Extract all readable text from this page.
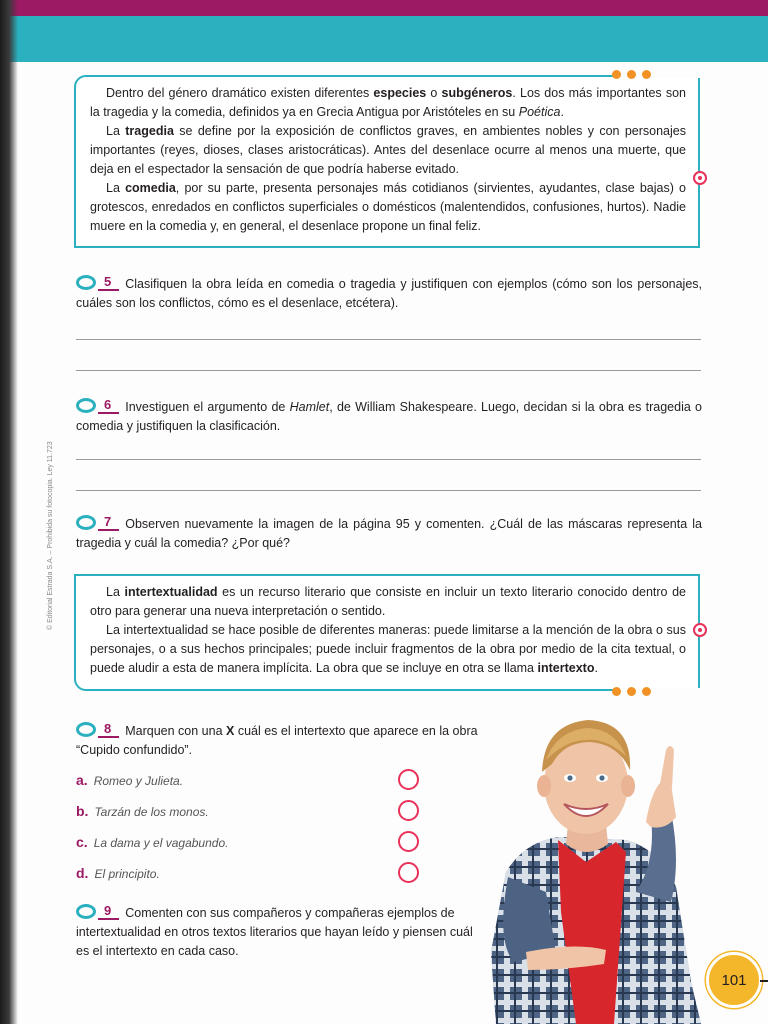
Dentro del género dramático existen diferentes especies o subgéneros. Los dos más importantes son la tragedia y la comedia, definidos ya en Grecia Antigua por Aristóteles en su Poética.

La tragedia se define por la exposición de conflictos graves, en ambientes nobles y con personajes importantes (reyes, dioses, clases aristocráticas). Antes del desenlace ocurre al menos una muerte, que deja en el espectador la sensación de que podría haberse evitado.

La comedia, por su parte, presenta personajes más cotidianos (sirvientes, ayudantes, clase bajas) o grotescos, enredados en conflictos superficiales o domésticos (malentendidos, confusiones, hurtos). Nadie muere en la comedia y, en general, el desenlace propone un final feliz.

5	Clasifiquen la obra leída en comedia o tragedia y justifiquen con ejemplos (cómo son los personajes, cuáles son los conflictos, cómo es el desenlace, etcétera).
6	Investiguen el argumento de Hamlet, de William Shakespeare. Luego, decidan si la obra es tragedia o comedia y justifiquen la clasificación.
7	Observen nuevamente la imagen de la página 95 y comenten. ¿Cuál de las máscaras representa la tragedia y cuál la comedia? ¿Por qué?

La intertextualidad es un recurso literario que consiste en incluir un texto literario conocido dentro de otro para generar una nueva interpretación o sentido.

La intertextualidad se hace posible de diferentes maneras: puede limitarse a la mención de la obra o sus personajes, o a sus hechos principales; puede incluir fragmentos de la obra por medio de la cita textual, o puede aludir a esta de manera implícita. La obra que se incluye en otra se llama intertexto.

8	Marquen con una X cuál es el intertexto que aparece en la obra “Cupido confundido”.
a. Romeo y Julieta.
b. Tarzán de los monos.
c. La dama y el vagabundo.
d. El principito.
9	Comenten con sus compañeros y compañeras ejemplos de intertextualidad en otros textos literarios que hayan leído y piensen cuál es el intertexto en cada caso.
© Editorial Estrada S.A. – Prohibida su fotocopia. Ley 11.723
101
